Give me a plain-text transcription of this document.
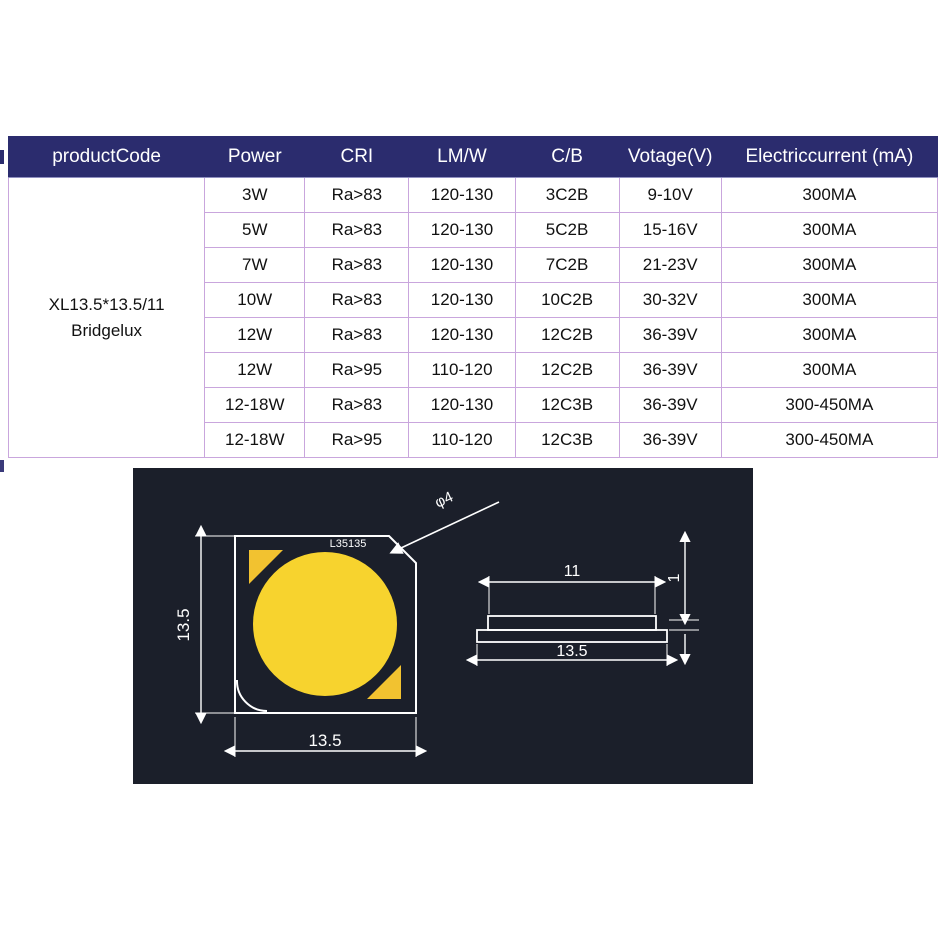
productCode	Power	CRI	LM/W	C/B	Votage(V)	Electriccurrent (mA)

XL13.5*13.5/11
Bridgelux	3W	Ra>83	120-130	3C2B	9-10V	300MA
	5W	Ra>83	120-130	5C2B	15-16V	300MA
	7W	Ra>83	120-130	7C2B	21-23V	300MA
	10W	Ra>83	120-130	10C2B	30-32V	300MA
	12W	Ra>83	120-130	12C2B	36-39V	300MA
	12W	Ra>95	110-120	12C2B	36-39V	300MA
	12-18W	Ra>83	120-130	12C3B	36-39V	300-450MA
	12-18W	Ra>95	110-120	12C3B	36-39V	300-450MA
L35135
φ4
13.5
13.5
11
13.5
1
